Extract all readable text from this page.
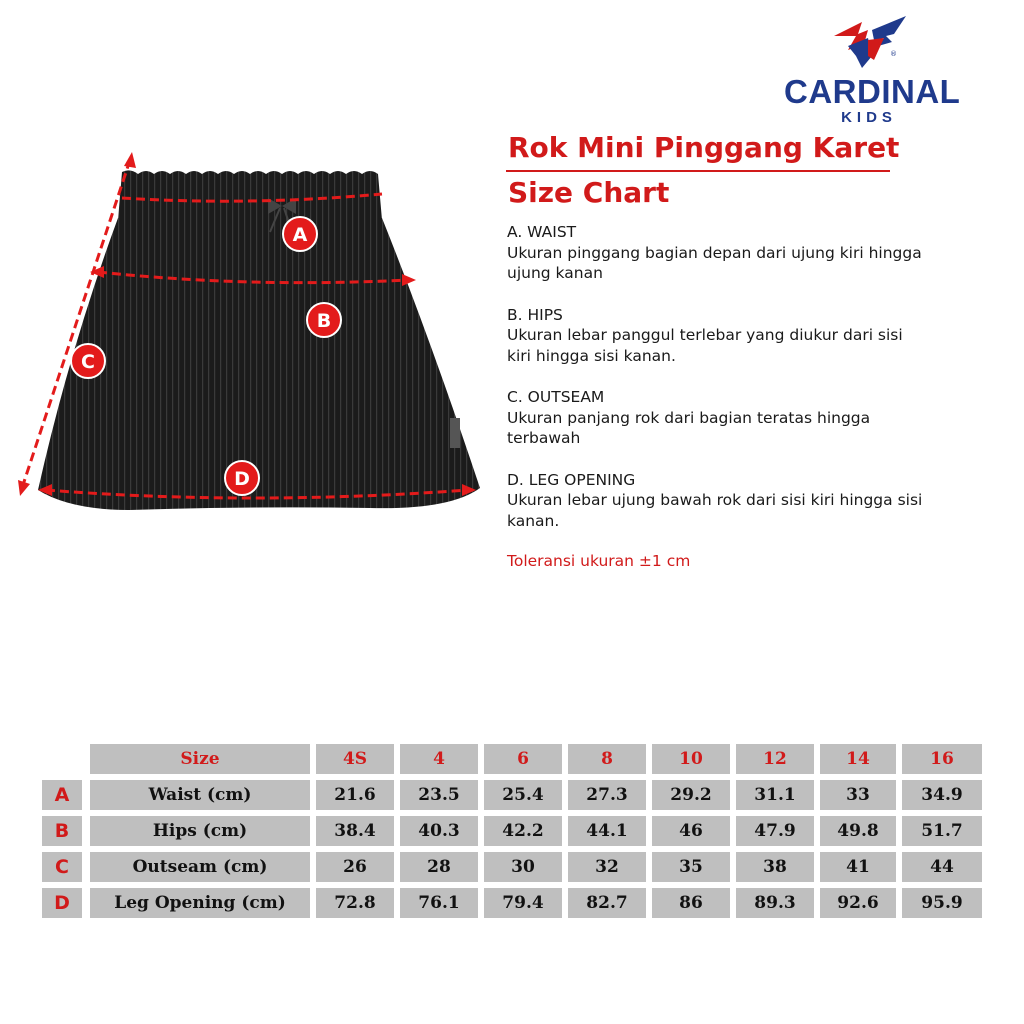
®
CARDINAL
KIDS
Rok Mini Pinggang Karet
Size Chart
A. WAIST
Ukuran pinggang bagian depan dari ujung kiri hingga ujung kanan
B. HIPS
Ukuran lebar panggul terlebar yang diukur dari sisi kiri hingga sisi kanan.
C. OUTSEAM
Ukuran panjang rok dari bagian teratas hingga terbawah
D. LEG OPENING
Ukuran lebar ujung bawah rok dari sisi kiri hingga sisi kanan.
Toleransi ukuran ±1 cm
A
B
C
D
Size	4S	4	6	8	10	12	14	16
A	Waist (cm)	21.6	23.5	25.4	27.3	29.2	31.1	33	34.9
B	Hips (cm)	38.4	40.3	42.2	44.1	46	47.9	49.8	51.7
C	Outseam (cm)	26	28	30	32	35	38	41	44
D	Leg Opening (cm)	72.8	76.1	79.4	82.7	86	89.3	92.6	95.9
